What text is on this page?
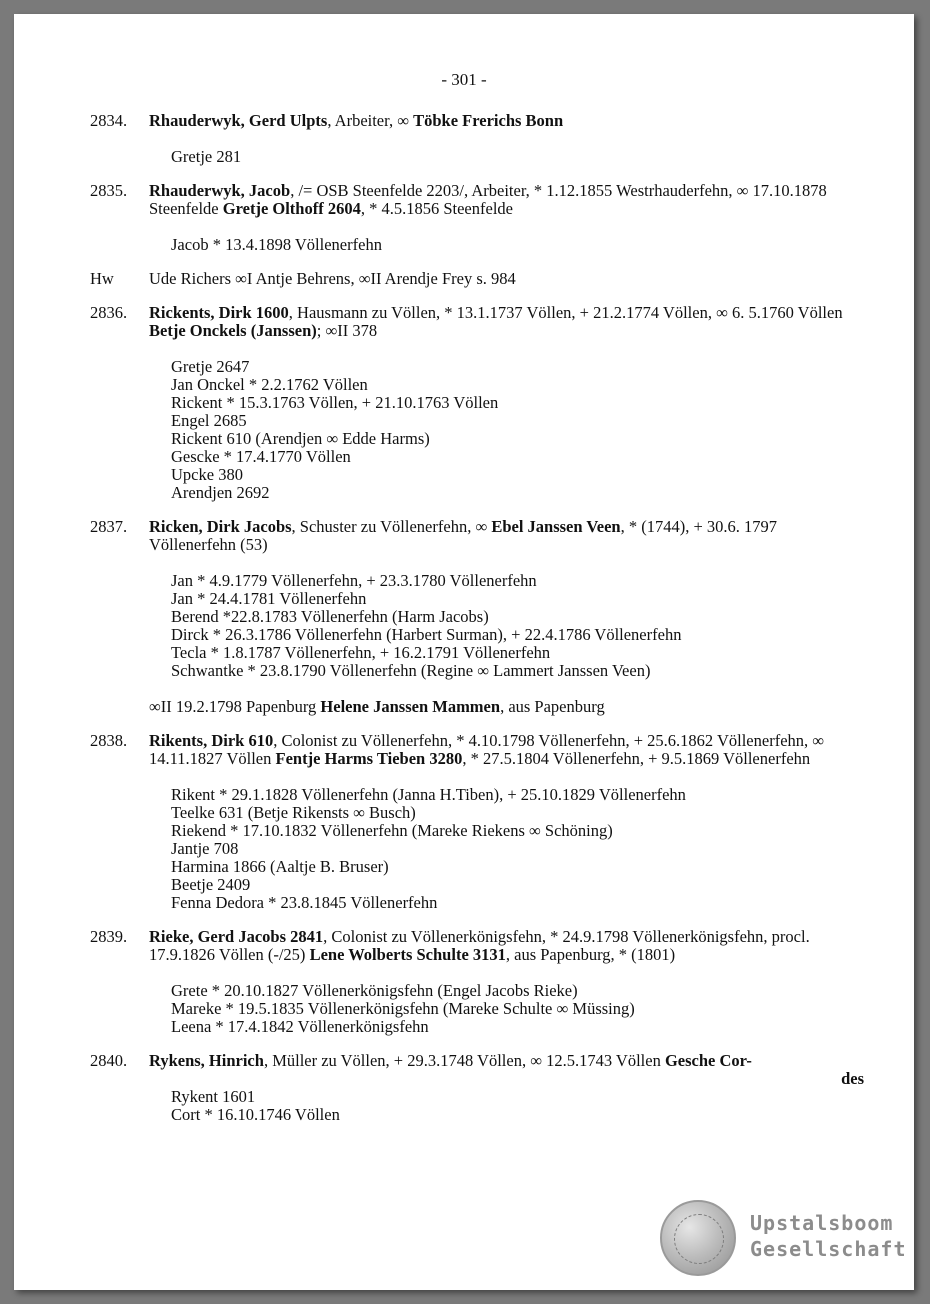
- 301 -
2834.	Rhauderwyk, Gerd Ulpts, Arbeiter, ∞ Töbke Frerichs Bonn
Gretje 281
2835.	Rhauderwyk, Jacob, /= OSB Steenfelde 2203/, Arbeiter, * 1.12.1855 Westrhauderfehn, ∞ 17.10.1878 Steenfelde Gretje Olthoff 2604, * 4.5.1856 Steenfelde
Jacob * 13.4.1898 Völlenerfehn
Hw	Ude Richers ∞I Antje Behrens, ∞II Arendje Frey s. 984
2836.	Rickents, Dirk 1600, Hausmann zu Völlen, * 13.1.1737 Völlen, + 21.2.1774 Völlen, ∞ 6. 5.1760 Völlen Betje Onckels (Janssen); ∞II 378
Gretje 2647
Jan Onckel * 2.2.1762 Völlen
Rickent * 15.3.1763 Völlen, + 21.10.1763 Völlen
Engel 2685
Rickent 610 (Arendjen ∞ Edde Harms)
Gescke * 17.4.1770 Völlen
Upcke 380
Arendjen 2692
2837.	Ricken, Dirk Jacobs, Schuster zu Völlenerfehn, ∞ Ebel Janssen Veen, * (1744), + 30.6. 1797 Völlenerfehn (53)
Jan * 4.9.1779 Völlenerfehn, + 23.3.1780 Völlenerfehn
Jan * 24.4.1781 Völlenerfehn
Berend *22.8.1783 Völlenerfehn (Harm Jacobs)
Dirck * 26.3.1786 Völlenerfehn (Harbert Surman), + 22.4.1786 Völlenerfehn
Tecla * 1.8.1787 Völlenerfehn, + 16.2.1791 Völlenerfehn
Schwantke * 23.8.1790 Völlenerfehn (Regine ∞ Lammert Janssen Veen)
∞II 19.2.1798 Papenburg Helene Janssen Mammen, aus Papenburg
2838.	Rikents, Dirk 610, Colonist zu Völlenerfehn, * 4.10.1798 Völlenerfehn, + 25.6.1862 Völlenerfehn, ∞ 14.11.1827 Völlen Fentje Harms Tieben 3280, * 27.5.1804 Völlenerfehn, + 9.5.1869 Völlenerfehn
Rikent * 29.1.1828 Völlenerfehn (Janna H.Tiben), + 25.10.1829 Völlenerfehn
Teelke 631 (Betje Rikensts ∞ Busch)
Riekend * 17.10.1832 Völlenerfehn (Mareke Riekens ∞ Schöning)
Jantje 708
Harmina 1866 (Aaltje B. Bruser)
Beetje 2409
Fenna Dedora * 23.8.1845 Völlenerfehn
2839.	Rieke, Gerd Jacobs 2841, Colonist zu Völlenerkönigsfehn, * 24.9.1798 Völlenerkönigsfehn, procl. 17.9.1826 Völlen (-/25) Lene Wolberts Schulte 3131, aus Papenburg, * (1801)
Grete * 20.10.1827 Völlenerkönigsfehn (Engel Jacobs Rieke)
Mareke * 19.5.1835 Völlenerkönigsfehn (Mareke Schulte ∞ Müssing)
Leena * 17.4.1842 Völlenerkönigsfehn
2840.	Rykens, Hinrich, Müller zu Völlen, + 29.3.1748 Völlen, ∞ 12.5.1743 Völlen Gesche Cor-
des
Rykent 1601
Cort * 16.10.1746 Völlen
Upstalsboom
Gesellschaft
